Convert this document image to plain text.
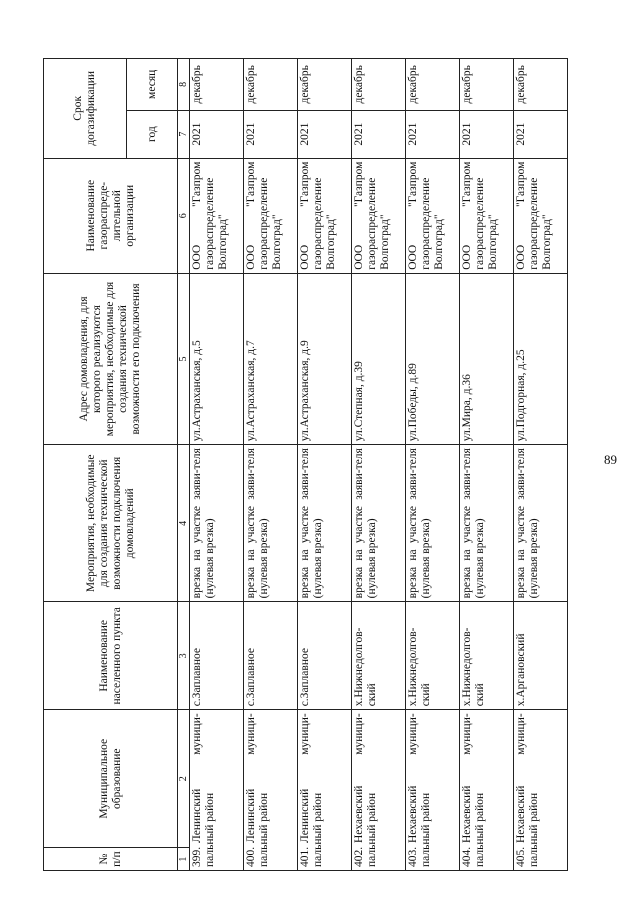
89
№ п/п	Муниципальное образование	Наименование населенного пункта	Мероприятия, необходимые для создания технической возможности подключения домовладений	Адрес домовладения, для которого реализуются мероприятия, необходимые для создания технической возможности его подключения	Наименование газораспреде-лительной организации	Срок догазификации	
						год	месяц
1	2	3	4	5	6	7	8
399.Ленинский муници-пальный район		с.Заплавное	врезка на участке заяви-теля (нулевая врезка)	ул.Астраханская, д.5	ООО "Газпром газораспределение Волгоград"	2021	декабрь
400.Ленинский муници-пальный район		с.Заплавное	врезка на участке заяви-теля (нулевая врезка)	ул.Астраханская, д.7	ООО "Газпром газораспределение Волгоград"	2021	декабрь
401.Ленинский муници-пальный район		с.Заплавное	врезка на участке заяви-теля (нулевая врезка)	ул.Астраханская, д.9	ООО "Газпром газораспределение Волгоград"	2021	декабрь
402.Нехаевский муници-пальный район		х.Нижнедолгов-ский	врезка на участке заяви-теля (нулевая врезка)	ул.Степная, д.39	ООО "Газпром газораспределение Волгоград"	2021	декабрь
403.Нехаевский муници-пальный район		х.Нижнедолгов-ский	врезка на участке заяви-теля (нулевая врезка)	ул.Победы, д.89	ООО "Газпром газораспределение Волгоград"	2021	декабрь
404.Нехаевский муници-пальный район		х.Нижнедолгов-ский	врезка на участке заяви-теля (нулевая врезка)	ул.Мира, д.36	ООО "Газпром газораспределение Волгоград"	2021	декабрь
405.Нехаевский муници-пальный район		х.Аргановский	врезка на участке заяви-теля (нулевая врезка)	ул.Подгорная, д.25	ООО "Газпром газораспределение Волгоград"	2021	декабрь
